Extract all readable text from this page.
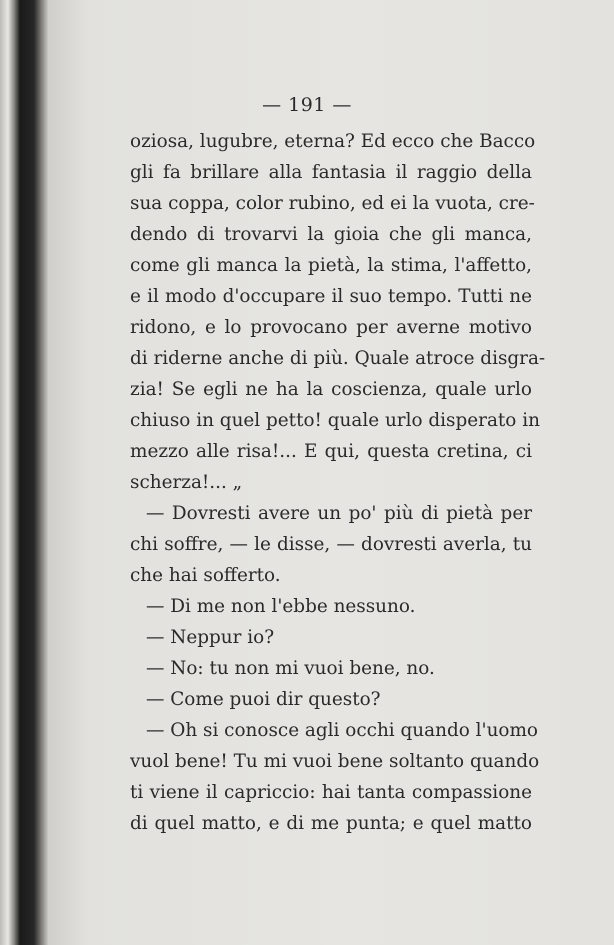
— 191 —
oziosa, lugubre, eterna? Ed ecco che Bacco
gli fa brillare alla fantasia il raggio della
sua coppa, color rubino, ed ei la vuota, cre-
dendo di trovarvi la gioia che gli manca,
come gli manca la pietà, la stima, l'affetto,
e il modo d'occupare il suo tempo. Tutti ne
ridono, e lo provocano per averne motivo
di riderne anche di più. Quale atroce disgra-
zia! Se egli ne ha la coscienza, quale urlo
chiuso in quel petto! quale urlo disperato in
mezzo alle risa!... E qui, questa cretina, ci
scherza!... „
— Dovresti avere un po' più di pietà per
chi soffre, — le disse, — dovresti averla, tu
che hai sofferto.
— Di me non l'ebbe nessuno.
— Neppur io?
— No: tu non mi vuoi bene, no.
— Come puoi dir questo?
— Oh si conosce agli occhi quando l'uomo
vuol bene! Tu mi vuoi bene soltanto quando
ti viene il capriccio: hai tanta compassione
di quel matto, e di me punta; e quel matto
